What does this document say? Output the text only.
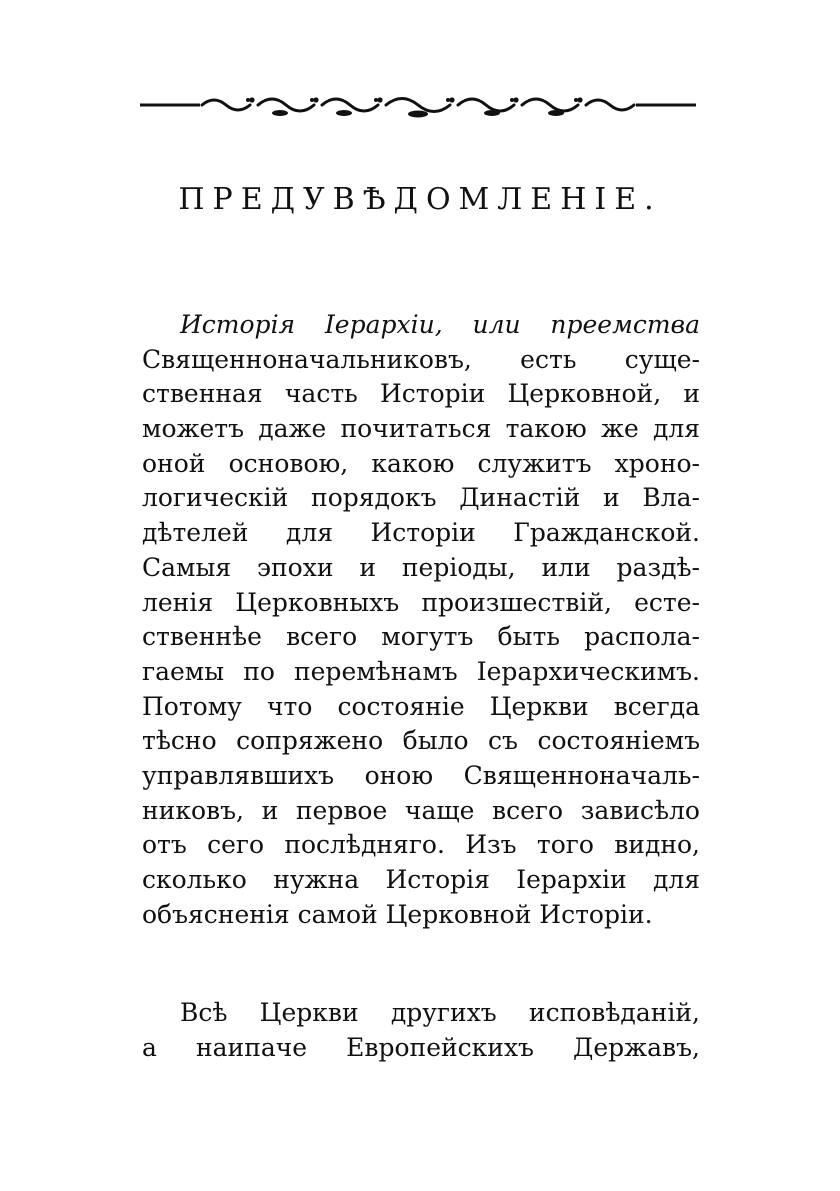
ПРЕДУВѢДОМЛЕНІЕ.
Исторія Іерархіи, или преемства
Священноначальниковъ, есть суще-
ственная часть Исторіи Церковной, и
можетъ даже почитаться такою же для
оной основою, какою служитъ хроно-
логическій порядокъ Династій и Вла-
дѣтелей для Исторіи Гражданской.
Самыя эпохи и періоды, или раздѣ-
ленія Церковныхъ произшествій, есте-
ственнѣе всего могутъ быть распола-
гаемы по перемѣнамъ Іерархическимъ.
Потому что состояніе Церкви всегда
тѣсно сопряжено было съ состояніемъ
управлявшихъ оною Священноначаль-
никовъ, и первое чаще всего зависѣло
отъ сего послѣдняго. Изъ того видно,
сколько нужна Исторія Іерархіи для
объясненія самой Церковной Исторіи.
Всѣ Церкви другихъ исповѣданій,
а наипаче Европейскихъ Державъ,
